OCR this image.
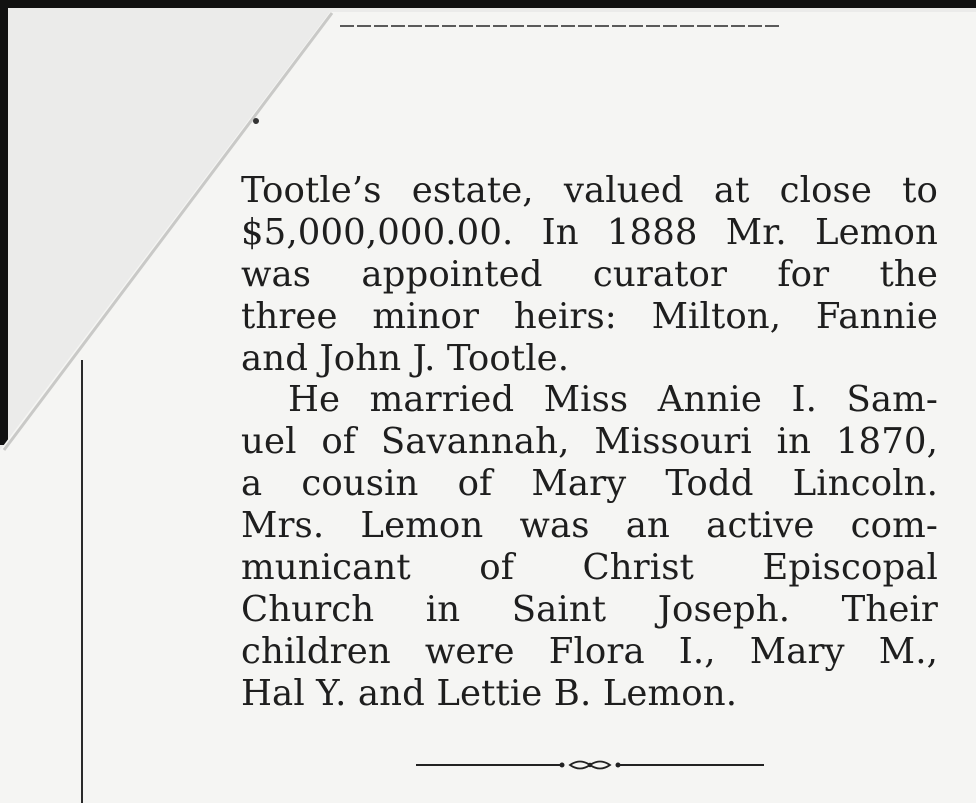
Tootle’s estate, valued at close to
$5,000,000.00. In 1888 Mr. Lemon
was appointed curator for the
three minor heirs: Milton, Fannie
and John J. Tootle.
He married Miss Annie I. Sam-
uel of Savannah, Missouri in 1870,
a cousin of Mary Todd Lincoln.
Mrs. Lemon was an active com-
municant of Christ Episcopal
Church in Saint Joseph. Their
children were Flora I., Mary M.,
Hal Y. and Lettie B. Lemon.
